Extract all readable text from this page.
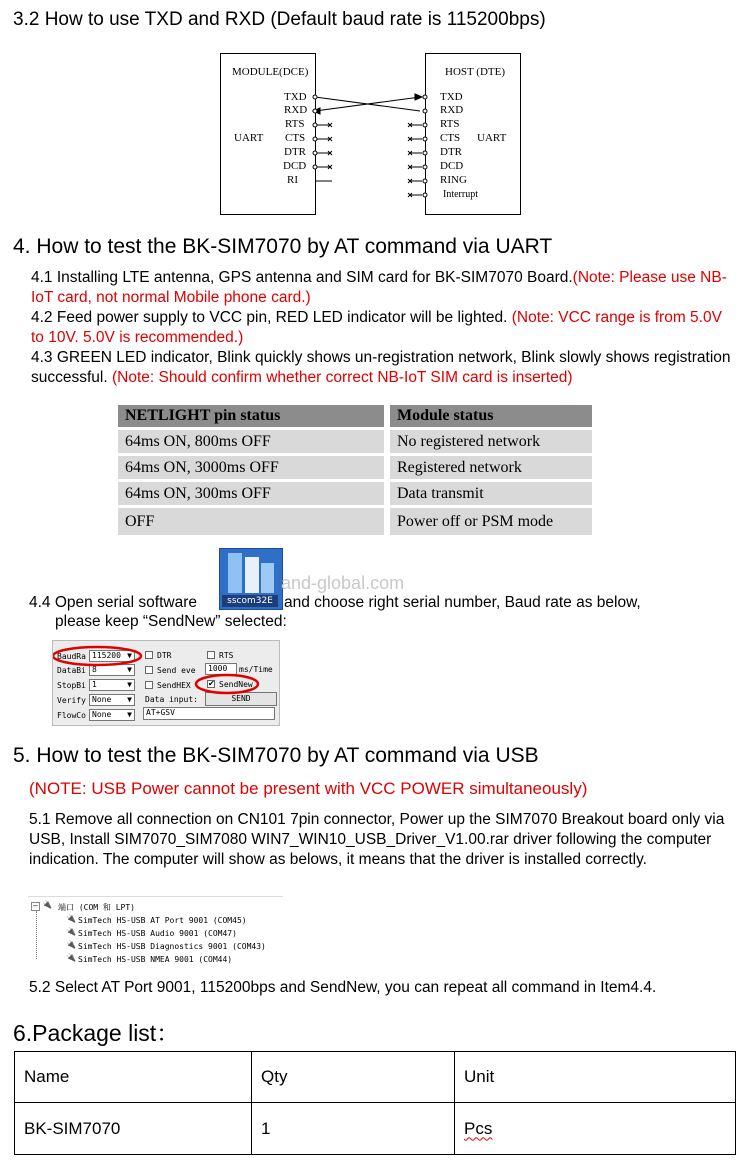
3.2 How to use TXD and RXD (Default baud rate is 115200bps)
MODULE(DCE)	HOST (DTE)
UART	UART
TXD
RXD
RTS
CTS
DTR
DCD
RI
TXD
RXD
RTS
CTS
DTR
DCD
RING
Interrupt
4. How to test the BK-SIM7070 by AT command via UART
4.1 Installing LTE antenna, GPS antenna and SIM card for BK-SIM7070 Board.(Note: Please use NB-IoT card, not normal Mobile phone card.)
4.2 Feed power supply to VCC pin, RED LED indicator will be lighted. (Note: VCC range is from 5.0V to 10V. 5.0V is recommended.)
4.3 GREEN LED indicator, Blink quickly shows un-registration network, Blink slowly shows registration successful. (Note: Should confirm whether correct NB-IoT SIM card is inserted)
NETLIGHT pin status	Module status
64ms ON, 800ms OFF	No registered network
64ms ON, 3000ms OFF	Registered network
64ms ON, 300ms OFF	Data transmit
OFF	Power off or PSM mode
sscom32E
and-global.com
4.4 Open serial software	and choose right serial number, Baud rate as below,
please keep “SendNew” selected:
BaudRa 115200 ▼
DataBi 8	▼
StopBi 1	▼
Verify None ▼
FlowCo None ▼
DTR	RTS
Send eve	1000	ms/Time
SendHEX ✔ SendNew
Data input:	SEND
AT+GSV
5. How to test the BK-SIM7070 by AT command via USB
(NOTE: USB Power cannot be present with VCC POWER simultaneously)
5.1 Remove all connection on CN101 7pin connector, Power up the SIM7070 Breakout board only via USB, Install SIM7070_SIM7080 WIN7_WIN10_USB_Driver_V1.00.rar driver following the computer indication. The computer will show as belows, it means that the driver is installed correctly.
− 🔌 端口 (COM 和 LPT)
🔌 SimTech HS-USB AT Port 9001 (COM45)
🔌 SimTech HS-USB Audio 9001 (COM47)
🔌 SimTech HS-USB Diagnostics 9001 (COM43)
🔌 SimTech HS-USB NMEA 9001 (COM44)
5.2 Select AT Port 9001, 115200bps and SendNew, you can repeat all command in Item4.4.
6.Package list：
Name	Qty	Unit
BK-SIM7070	1	Pcs
